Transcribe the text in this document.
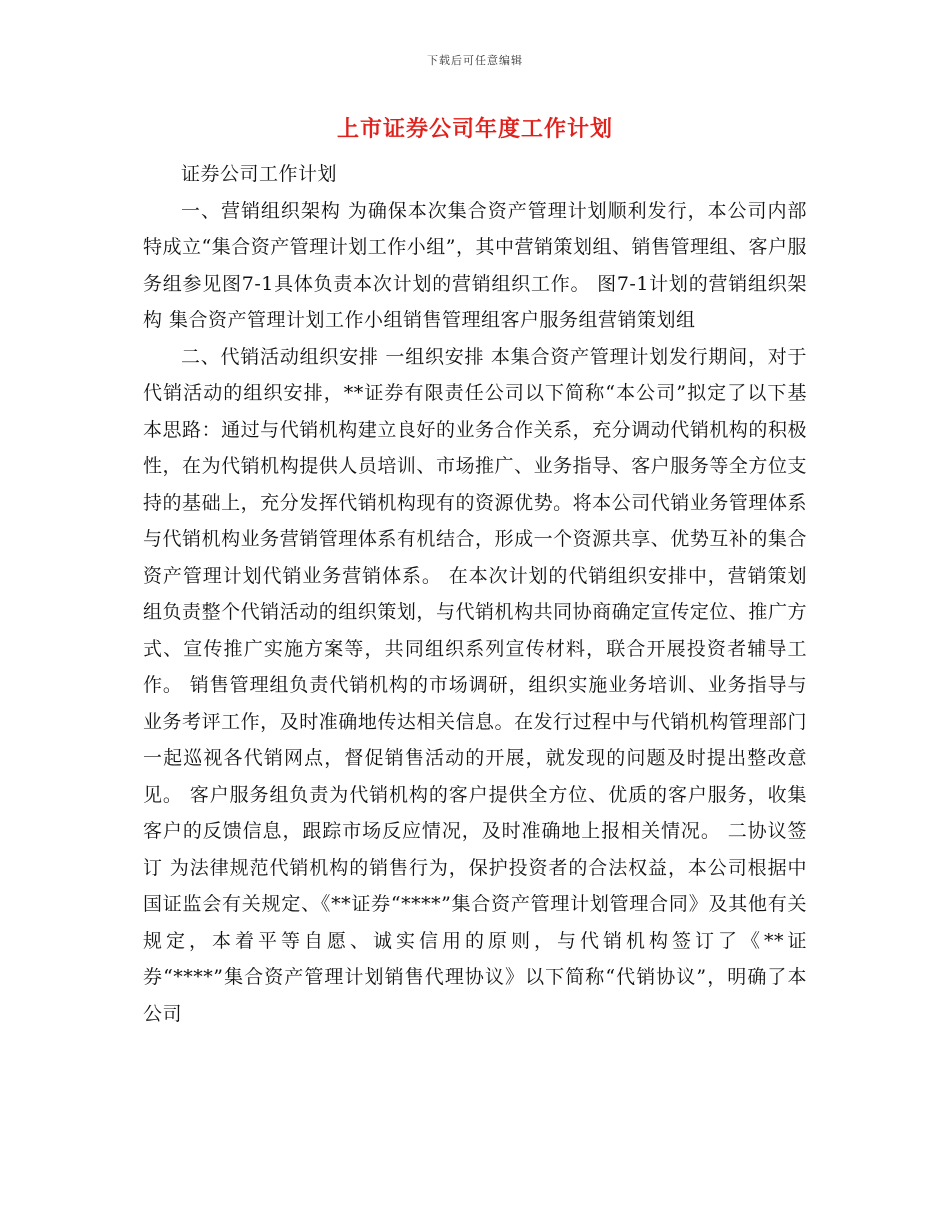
下载后可任意编辑
上市证券公司年度工作计划

证券公司工作计划

一、营销组织架构 为确保本次集合资产管理计划顺利发行，本公司内部特成立“集合资产管理计划工作小组”，其中营销策划组、销售管理组、客户服务组参见图7-1具体负责本次计划的营销组织工作。 图7-1计划的营销组织架构 集合资产管理计划工作小组销售管理组客户服务组营销策划组

二、代销活动组织安排 一组织安排 本集合资产管理计划发行期间，对于代销活动的组织安排，**证券有限责任公司以下简称“本公司”拟定了以下基本思路：通过与代销机构建立良好的业务合作关系，充分调动代销机构的积极性，在为代销机构提供人员培训、市场推广、业务指导、客户服务等全方位支持的基础上，充分发挥代销机构现有的资源优势。将本公司代销业务管理体系与代销机构业务营销管理体系有机结合，形成一个资源共享、优势互补的集合资产管理计划代销业务营销体系。 在本次计划的代销组织安排中，营销策划组负责整个代销活动的组织策划，与代销机构共同协商确定宣传定位、推广方式、宣传推广实施方案等，共同组织系列宣传材料，联合开展投资者辅导工作。 销售管理组负责代销机构的市场调研，组织实施业务培训、业务指导与业务考评工作，及时准确地传达相关信息。在发行过程中与代销机构管理部门一起巡视各代销网点，督促销售活动的开展，就发现的问题及时提出整改意见。 客户服务组负责为代销机构的客户提供全方位、优质的客户服务，收集客户的反馈信息，跟踪市场反应情况，及时准确地上报相关情况。 二协议签订 为法律规范代销机构的销售行为，保护投资者的合法权益，本公司根据中国证监会有关规定、《**证券“****”集合资产管理计划管理合同》及其他有关规定，本着平等自愿、诚实信用的原则，与代销机构签订了《**证券“****”集合资产管理计划销售代理协议》以下简称“代销协议”，明确了本公司
